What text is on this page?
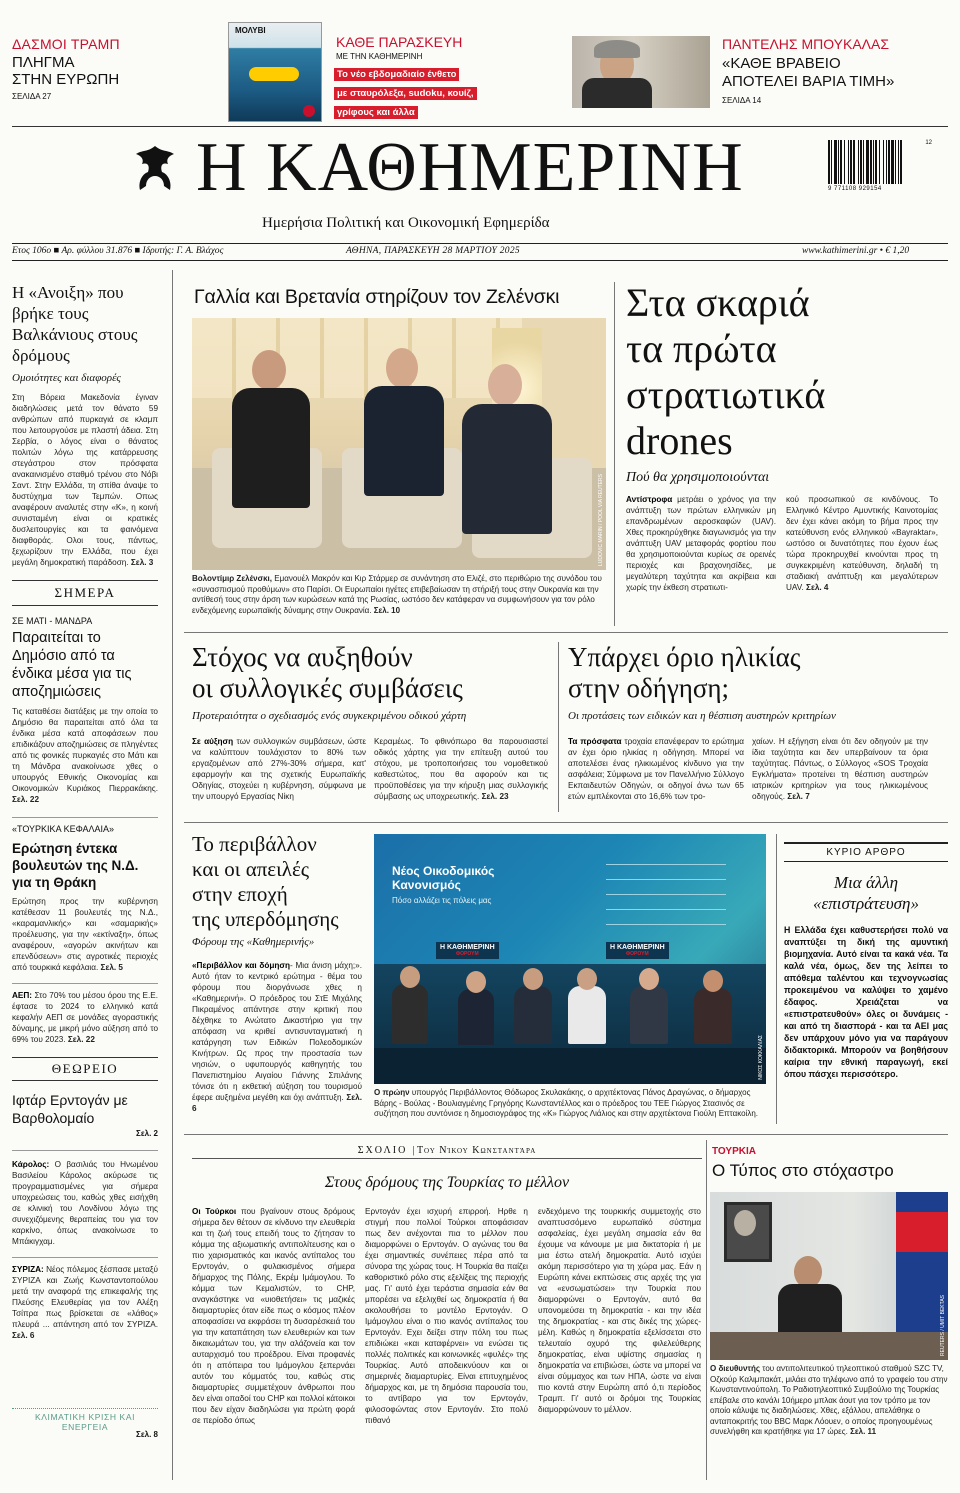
ΔΑΣΜΟΙ ΤΡΑΜΠ
ΠΛΗΓΜΑ
ΣΤΗΝ ΕΥΡΩΠΗ
ΣΕΛΙΔΑ 27
ΜΟΛΥΒΙ
ΚΑΘΕ ΠΑΡΑΣΚΕΥΗ
ΜΕ ΤΗΝ ΚΑΘΗΜΕΡΙΝΗ
Το νέο εβδομαδιαίο ένθετο με σταυρόλεξα, sudoku, κουίζ, γρίφους και άλλα
ΠΑΝΤΕΛΗΣ ΜΠΟΥΚΑΛΑΣ
«ΚΑΘΕ ΒΡΑΒΕΙΟ
ΑΠΟΤΕΛΕΙ ΒΑΡΙΑ ΤΙΜΗ»
ΣΕΛΙΔΑ 14
Η ΚΑΘΗΜΕΡΙΝΗ
Ημερήσια Πολιτική και Οικονομική Εφημερίδα
9 771108 929154
12
Ετος 106ο ■ Αρ. φύλλου 31.876 ■ Ιδρυτής: Γ. Α. Βλάχος	ΑΘΗΝΑ, ΠΑΡΑΣΚΕΥΗ 28 ΜΑΡΤΙΟΥ 2025	www.kathimerini.gr • € 1,20
Η «Ανοιξη» που βρήκε τους Βαλκάνιους στους δρόμους
Ομοιότητες και διαφορές
Στη Βόρεια Μακεδονία έγιναν διαδηλώσεις μετά τον θάνατο 59 ανθρώπων από πυρκαγιά σε κλαμπ που λειτουργούσε με πλαστή άδεια. Στη Σερβία, ο λόγος είναι ο θάνατος πολιτών λόγω της κατάρρευσης στεγάστρου στον πρόσφατα ανακαινισμένο σταθμό τρένου στο Νόβι Σαντ. Στην Ελλάδα, τη σπίθα άναψε το δυστύχημα των Τεμπών. Οπως αναφέρουν αναλυτές στην «Κ», η κοινή συνισταμένη είναι οι κρατικές δυσλειτουργίες και τα φαινόμενα διαφθοράς. Ολοι τους, πάντως, ξεχωρίζουν την Ελλάδα, που έχει μεγάλη δημοκρατική παράδοση. Σελ. 3
ΣΗΜΕΡΑ
ΣΕ ΜΑΤΙ - ΜΑΝΔΡΑ
Παραιτείται το Δημόσιο από τα ένδικα μέσα για τις αποζημιώσεις
Τις καταθέσει διατάξεις με την οποία το Δημόσιο θα παραιτείται από όλα τα ένδικα μέσα κατά αποφάσεων που επιδικάζουν αποζημιώσεις σε πληγέντες από τις φονικές πυρκαγιές στο Μάτι και τη Μάνδρα ανακοίνωσε χθες ο υπουργός Εθνικής Οικονομίας και Οικονομικών Κυριάκος Πιερρακάκης. Σελ. 22
«ΤΟΥΡΚΙΚΑ ΚΕΦΑΛΑΙΑ»
Ερώτηση έντεκα βουλευτών της Ν.Δ. για τη Θράκη
Ερώτηση προς την κυβέρνηση κατέθεσαν 11 βουλευτές της Ν.Δ., «καραμανλικής» και «σαμαρικής» προέλευσης, για την «εκτίναξη», όπως αναφέρουν, «αγορών ακινήτων και επενδύσεων» στις αγροτικές περιοχές από τουρκικά κεφάλαια. Σελ. 5
ΑΕΠ: Στο 70% του μέσου όρου της Ε.Ε. έφτασε το 2024 το ελληνικό κατά κεφαλήν ΑΕΠ σε μονάδες αγοραστικής δύναμης, με μικρή μόνο αύξηση από το 69% του 2023. Σελ. 22
ΘΕΩΡΕΙΟ
Ιφτάρ Ερντογάν με Βαρθολομαίο
Σελ. 2
Κάρολος: Ο βασιλιάς του Ηνωμένου Βασιλείου Κάρολος ακύρωσε τις προγραμματισμένες για σήμερα υποχρεώσεις του, καθώς χθες εισήχθη σε κλινική του Λονδίνου λόγω της συνεχιζόμενης θεραπείας του για τον καρκίνο, όπως ανακοίνωσε το Μπάκιγχαμ.
ΣΥΡΙΖΑ: Νέος πόλεμος ξέσπασε μεταξύ ΣΥΡΙΖΑ και Ζωής Κωνσταντοπούλου μετά την αναφορά της επικεφαλής της Πλεύσης Ελευθερίας για τον Αλέξη Τσίπρα πως βρίσκεται σε «λάθος» πλευρά ... απάντηση από τον ΣΥΡΙΖΑ. Σελ. 6
ΚΛΙΜΑΤΙΚΗ ΚΡΙΣΗ ΚΑΙ ΕΝΕΡΓΕΙΑ
Σελ. 8
Γαλλία και Βρετανία στηρίζουν τον Ζελένσκι
LUDOVIC MARIN / POOL VIA REUTERS
Βολοντίμιρ Ζελένσκι, Εμανουέλ Μακρόν και Κιρ Στάρμερ σε συνάντηση στο Ελιζέ, στο περιθώριο της συνόδου του «συνασπισμού προθύμων» στο Παρίσι. Οι Ευρωπαίοι ηγέτες επιβεβαίωσαν τη στήριξή τους στην Ουκρανία και την αντίθεσή τους στην άρση των κυρώσεων κατά της Ρωσίας, ωστόσο δεν κατάφεραν να συμφωνήσουν για τον ρόλο ενδεχόμενης ευρωπαϊκής δύναμης στην Ουκρανία. Σελ. 10
Στα σκαριά
τα πρώτα
στρατιωτικά
drones
Πού θα χρησιμοποιούνται
Αντίστροφα μετράει ο χρόνος για την ανάπτυξη των πρώτων ελληνικών μη επανδρωμένων αεροσκαφών (UAV). Χθες προκηρύχθηκε διαγωνισμός για την ανάπτυξη UAV μεταφοράς φορτίου που θα χρησιμοποιούνται κυρίως σε ορεινές περιοχές και βραχονησίδες, με μεγαλύτερη ταχύτητα και ακρίβεια και χωρίς την έκθεση στρατιωτι-
κού προσωπικού σε κινδύνους. Το Ελληνικό Κέντρο Αμυντικής Καινοτομίας δεν έχει κάνει ακόμη το βήμα προς την κατεύθυνση ενός ελληνικού «Bayraktar», ωστόσο οι δυνατότητες που έχουν έως τώρα προκηρυχθεί κινούνται προς τη συγκεκριμένη κατεύθυνση, δηλαδή τη σταδιακή ανάπτυξη και μεγαλύτερων UAV. Σελ. 4
Στόχος να αυξηθούν
οι συλλογικές συμβάσεις
Προτεραιότητα ο σχεδιασμός ενός συγκεκριμένου οδικού χάρτη
Σε αύξηση των συλλογικών συμβάσεων, ώστε να καλύπτουν τουλάχιστον το 80% των εργαζομένων από 27%-30% σήμερα, κατ' εφαρμογήν και της σχετικής Ευρωπαϊκής Οδηγίας, στοχεύει η κυβέρνηση, σύμφωνα με την υπουργό Εργασίας Νίκη
Κεραμέως. Το φθινόπωρο θα παρουσιαστεί οδικός χάρτης για την επίτευξη αυτού του στόχου, με τροποποιήσεις του νομοθετικού καθεστώτος, που θα αφορούν και τις προϋποθέσεις για την κήρυξη μιας συλλογικής σύμβασης ως υποχρεωτικής. Σελ. 23
Υπάρχει όριο ηλικίας
στην οδήγηση;
Οι προτάσεις των ειδικών και η θέσπιση αυστηρών κριτηρίων
Τα πρόσφατα τροχαία επανέφεραν το ερώτημα αν έχει όριο ηλικίας η οδήγηση. Μπορεί να αποτελέσει ένας ηλικιωμένος κίνδυνο για την ασφάλεια; Σύμφωνα με τον Πανελλήνιο Σύλλογο Εκπαιδευτών Οδηγών, οι οδηγοί άνω των 65 ετών εμπλέκονται στο 16,6% των τρο-
χαίων. Η εξήγηση είναι ότι δεν οδηγούν με την ίδια ταχύτητα και δεν υπερβαίνουν τα όρια ταχύτητας. Πάντως, ο Σύλλογος «SOS Τροχαία Εγκλήματα» προτείνει τη θέσπιση αυστηρών ιατρικών κριτηρίων για τους ηλικιωμένους οδηγούς. Σελ. 7
Το περιβάλλον
και οι απειλές
στην εποχή
της υπερδόμησης
Φόρουμ της «Καθημερινής»
«Περιβάλλον και δόμηση- Μια άνιση μάχη;». Αυτό ήταν το κεντρικό ερώτημα - θέμα του φόρουμ που διοργάνωσε χθες η «Καθημερινή». Ο πρόεδρος του ΣτΕ Μιχάλης Πικραμένος απάντησε στην κριτική που δέχθηκε το Ανώτατο Δικαστήριο για την απόφαση να κριθεί αντισυνταγματική η κατάργηση των Ειδικών Πολεοδομικών Κινήτρων. Ως προς την προστασία των νησιών, ο υφυπουργός καθηγητής του Πανεπιστημίου Αιγαίου Γιάννης Σπιλάνης τόνισε ότι η εκθετική αύξηση του τουρισμού έφερε αυξημένα μεγέθη και όχι ανάπτυξη. Σελ. 6
Νέος Οικοδομικός
Κανονισμός
Πόσο αλλάζει τις πόλεις μας
Η ΚΑΘΗΜΕΡΙΝΗ
ΦΟΡΟΥΜ
Η ΚΑΘΗΜΕΡΙΝΗ
ΦΟΡΟΥΜ
ΝΙΚΟΣ ΚΟΚΚΑΛΙΑΣ
Ο πρώην υπουργός Περιβάλλοντος Θόδωρος Σκυλακάκης, ο αρχιτέκτονας Πάνος Δραγώνας, ο δήμαρχος Βάρης - Βούλας - Βουλιαγμένης Γρηγόρης Κωνσταντέλλος και ο πρόεδρος του ΤΕΕ Γιώργος Στασινός σε συζήτηση που συντόνισε η δημοσιογράφος της «Κ» Γιώργος Λιάλιος και στην αρχιτέκτονα Γιούλη Επτακοίλη.
ΚΥΡΙΟ ΑΡΘΡΟ
Μια άλλη
«επιστράτευση»
Η Ελλάδα έχει καθυστερήσει πολύ να αναπτύξει τη δική της αμυντική βιομηχανία. Αυτό είναι τα κακά νέα. Τα καλά νέα, όμως, δεν της λείπει το απόθεμα ταλέντου και τεχνογνωσίας προκειμένου να καλύψει το χαμένο έδαφος. Χρειάζεται να «επιστρατευθούν» όλες οι δυνάμεις - και από τη διασπορά - και τα ΑΕΙ μας δεν υπάρχουν μόνο για να παράγουν διδακτορικά. Μπορούν να βοηθήσουν καίρια την εθνική παραγωγή, εκεί όπου πάσχει περισσότερο.
ΣΧΟΛΙΟ | Του Νίκου Κωνσταντάρα
Στους δρόμους της Τουρκίας το μέλλον
Οι Τούρκοι που βγαίνουν στους δρόμους σήμερα δεν θέτουν σε κίνδυνο την ελευθερία και τη ζωή τους επειδή τους το ζήτησαν το κόμμα της αξιωματικής αντιπολίτευσης και ο πιο χαρισματικός και ικανός αντίπαλος του Ερντογάν, ο φυλακισμένος σήμερα δήμαρχος της Πόλης, Εκρέμ Ιμάμογλου. Το κόμμα των Κεμαλιστών, το CHP, αναγκάστηκε να «υιοθετήσει» τις μαζικές διαμαρτυρίες όταν είδε πως ο κόσμος πλέον αποφασίσει να εκφράσει τη δυσαρέσκειά του για την καταπάτηση των ελευθεριών και των δικαιωμάτων του, για την αλάζονεία και τον αυταρχισμό του προέδρου. Είναι προφανές ότι η απόπειρα του Ιμάμογλου ξεπερνάει αυτόν του κόμματός του, καθώς στις διαμαρτυρίες συμμετέχουν άνθρωποι που δεν είναι οπαδοί του CHP και πολλοί κάτοικοι που δεν είχαν διαδηλώσει για πρώτη φορά σε περίοδο όπως
Ερντογάν έχει ισχυρή επιρροή. Ηρθε η στιγμή που πολλοί Τούρκοι αποφάσισαν πως δεν ανέχονται πια το μέλλον που διαμορφώνει ο Ερντογάν. Ο αγώνας του θα έχει σημαντικές συνέπειες πέρα από τα σύνορα της χώρας τους. Η Τουρκία θα παίζει καθοριστικό ρόλο στις εξελίξεις της περιοχής μας. Γι' αυτό έχει τεράστια σημασία εάν θα μπορέσει να εξελιχθεί ως δημοκρατία ή θα ακολουθήσει το μοντέλο Ερντογάν. Ο Ιμάμογλου είναι ο πιο ικανός αντίπαλος του Ερντογάν. Εχει δείξει στην πόλη του πως επιδιώκει «και καταφέρνει» να ενώσει τις πολλές πολιτικές και κοινωνικές «φυλές» της Τουρκίας. Αυτό αποδεικνύουν και οι σημερινές διαμαρτυρίες. Είναι επιτυχημένος δήμαρχος και, με τη δημόσια παρουσία του, το αντίβαρο για τον Ερντογάν, φιλοσοφώντας στον Ερντογάν. Στο πολύ πιθανό
ενδεχόμενο της τουρκικής συμμετοχής στο αναπτυσσόμενο ευρωπαϊκό σύστημα ασφαλείας, έχει μεγάλη σημασία εάν θα έχουμε να κάνουμε με μια δικτατορία ή με μια έστω ατελή δημοκρατία. Αυτό ισχύει ακόμη περισσότερο για τη χώρα μας. Εάν η Ευρώπη κάνει εκπτώσεις στις αρχές της για να «ενσωματώσει» την Τουρκία που διαμορφώνει ο Ερντογάν, αυτό θα υπονομεύσει τη δημοκρατία - και την ιδέα της δημοκρατίας - και στις δικές της χώρες-μέλη. Καθώς η δημοκρατία εξελίσσεται στο τελευταίο οχυρό της φιλελεύθερης δημοκρατίας, είναι υψίστης σημασίας η δημοκρατία να επιβιώσει, ώστε να μπορεί να είναι σύμμαχος και των ΗΠΑ, ώστε να είναι πιο κοντά στην Ευρώπη από ό,τι περίοδος Τραμπ. Γι' αυτό οι δρόμοι της Τουρκίας διαμορφώνουν το μέλλον.
ΤΟΥΡΚΙΑ
Ο Τύπος στο στόχαστρο
REUTERS / UMIT BEKTAS
Ο διευθυντής του αντιπολιτευτικού τηλεοπτικού σταθμού SZC TV, Οζκούρ Καλιμπακάτ, μιλάει στο τηλέφωνο από το γραφείο του στην Κωνσταντινούπολη. Το Ραδιοτηλεοπτικό Συμβούλιο της Τουρκίας επέβαλε στο κανάλι 10ήμερο μπλακ άουτ για τον τρόπο με τον οποίο κάλυψε τις διαδηλώσεις. Χθες, εξάλλου, απελάθηκε ο ανταποκριτής του BBC Μαρκ Λόουεν, ο οποίος προηγουμένως συνελήφθη και κρατήθηκε για 17 ώρες. Σελ. 11
